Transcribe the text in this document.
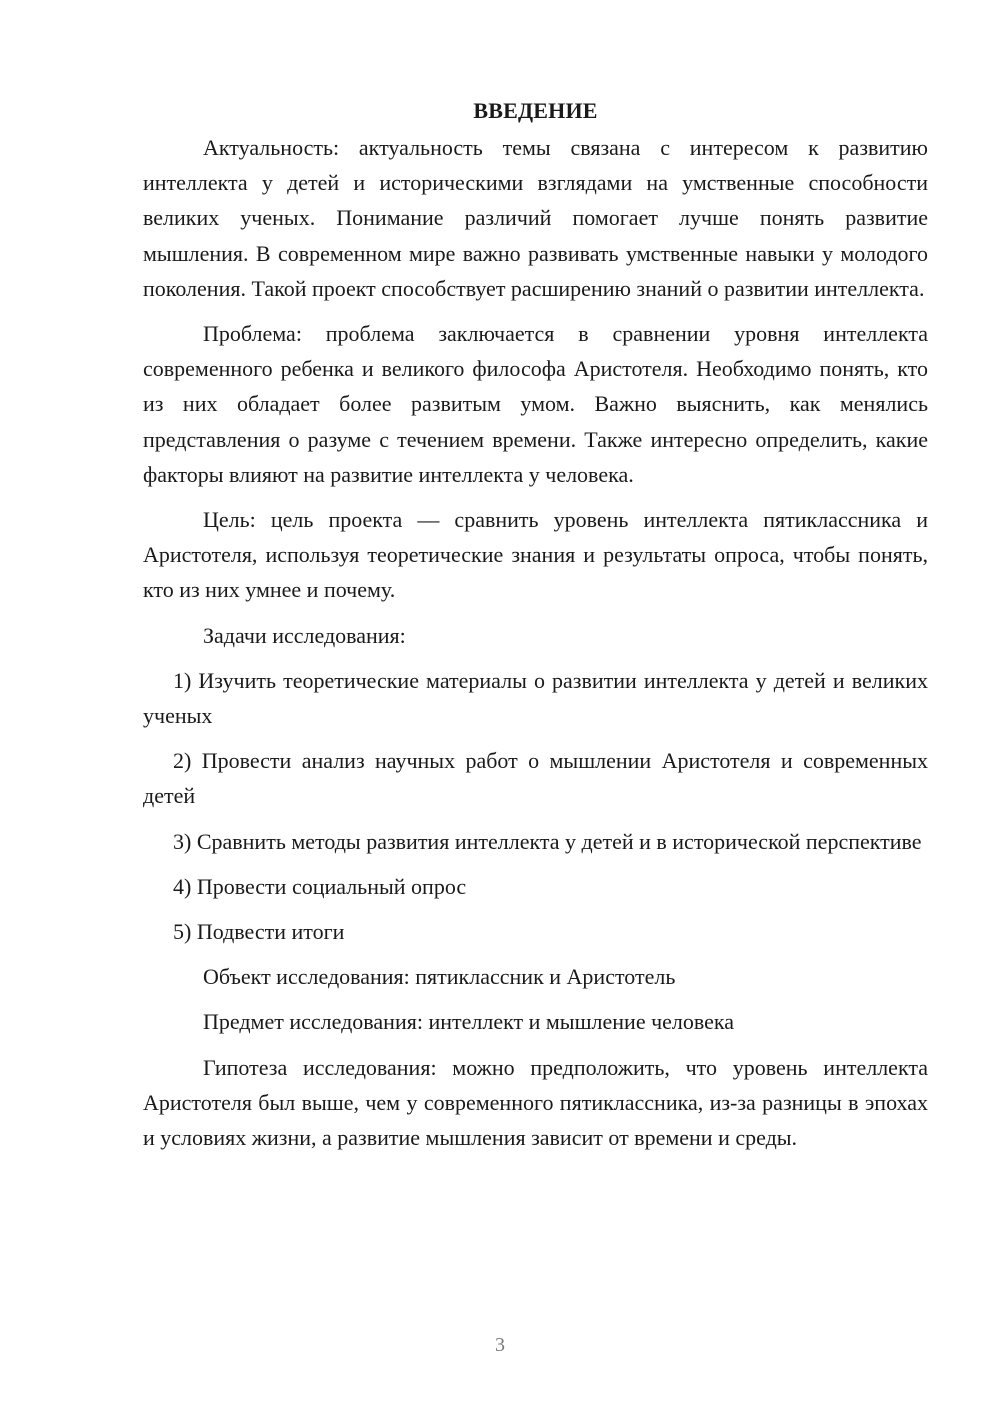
ВВЕДЕНИЕ

Актуальность: актуальность темы связана с интересом к развитию интеллекта у детей и историческими взглядами на умственные способности великих ученых. Понимание различий помогает лучше понять развитие мышления. В современном мире важно развивать умственные навыки у молодого поколения. Такой проект способствует расширению знаний о развитии интеллекта.

Проблема: проблема заключается в сравнении уровня интеллекта современного ребенка и великого философа Аристотеля. Необходимо понять, кто из них обладает более развитым умом. Важно выяснить, как менялись представления о разуме с течением времени. Также интересно определить, какие факторы влияют на развитие интеллекта у человека.

Цель: цель проекта — сравнить уровень интеллекта пятиклассника и Аристотеля, используя теоретические знания и результаты опроса, чтобы понять, кто из них умнее и почему.

Задачи исследования:

1) Изучить теоретические материалы о развитии интеллекта у детей и великих ученых

2) Провести анализ научных работ о мышлении Аристотеля и современных детей

3) Сравнить методы развития интеллекта у детей и в исторической перспективе

4) Провести социальный опрос

5) Подвести итоги

Объект исследования: пятиклассник и Аристотель

Предмет исследования: интеллект и мышление человека

Гипотеза исследования: можно предположить, что уровень интеллекта Аристотеля был выше, чем у современного пятиклассника, из-за разницы в эпохах и условиях жизни, а развитие мышления зависит от времени и среды.

3
